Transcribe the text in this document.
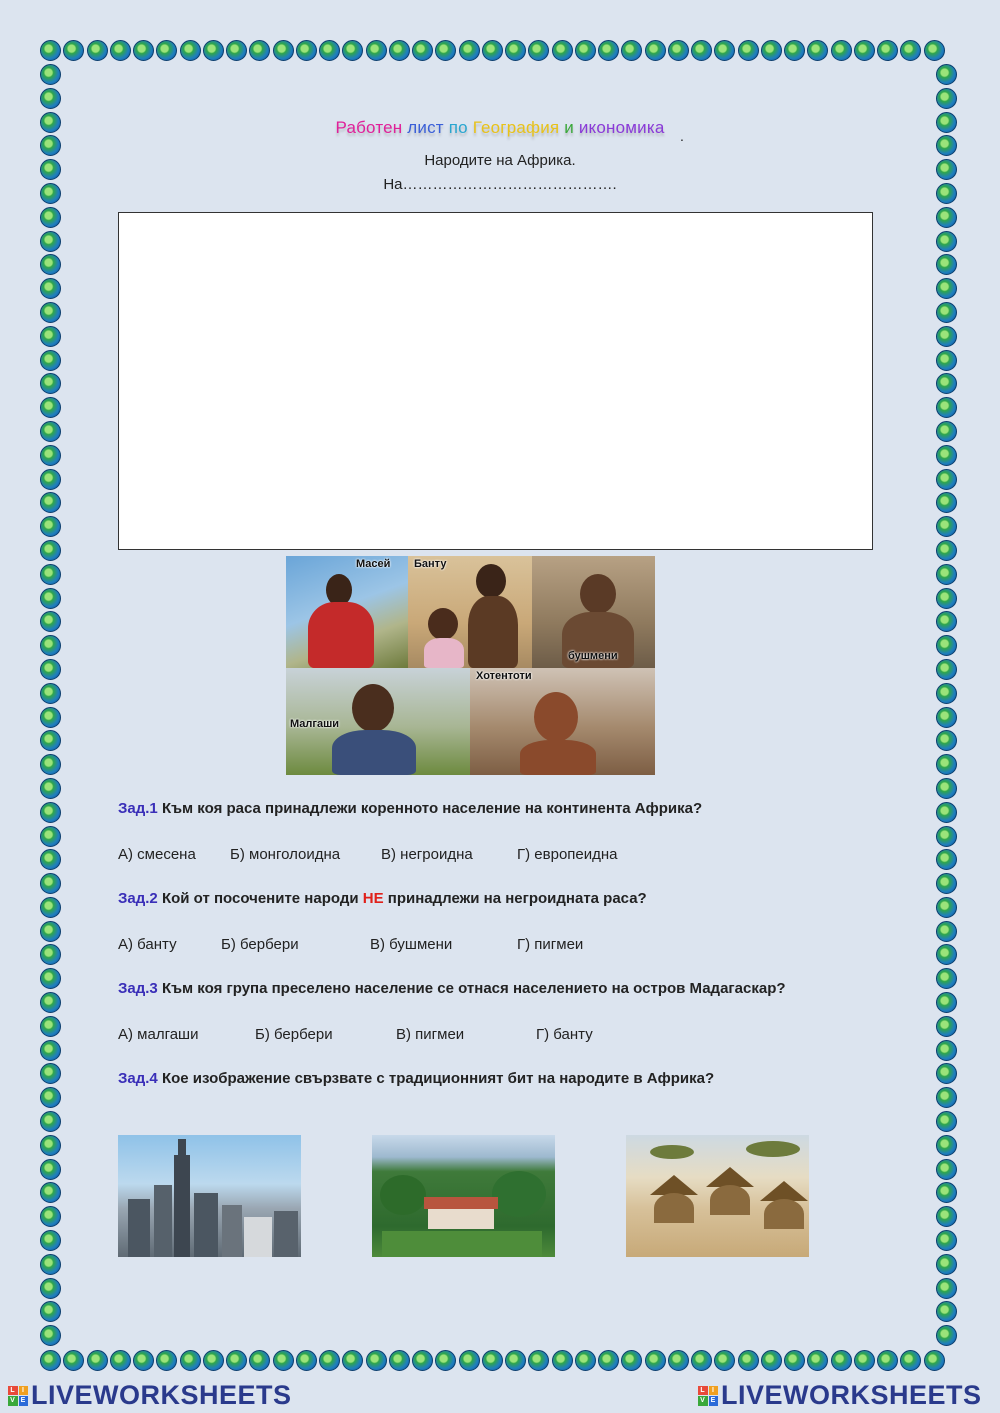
Работен лист по География и икономика	.
Народите на Африка.
На…………………………………….
Масей Банту
бушмени
Малгаши
Хотентоти
Зад.1 Към коя раса принадлежи коренното население на континента Африка?
А) смесена Б) монголоидна	В) негроидна	Г) европеидна
Зад.2 Кой от посочените народи НЕ принадлежи на негроидната раса?
А) банту	Б) бербери	В) бушмени	Г) пигмеи
Зад.3 Към коя група преселено население се отнася населението на остров Мадагаскар?
А) малгаши	Б) бербери	В) пигмеи	Г) банту
Зад.4 Кое изображение свързвате с традиционният бит на народите в Африка?
L I
V E LIVEWORKSHEETS	L I
V E LIVEWORKSHEETS
